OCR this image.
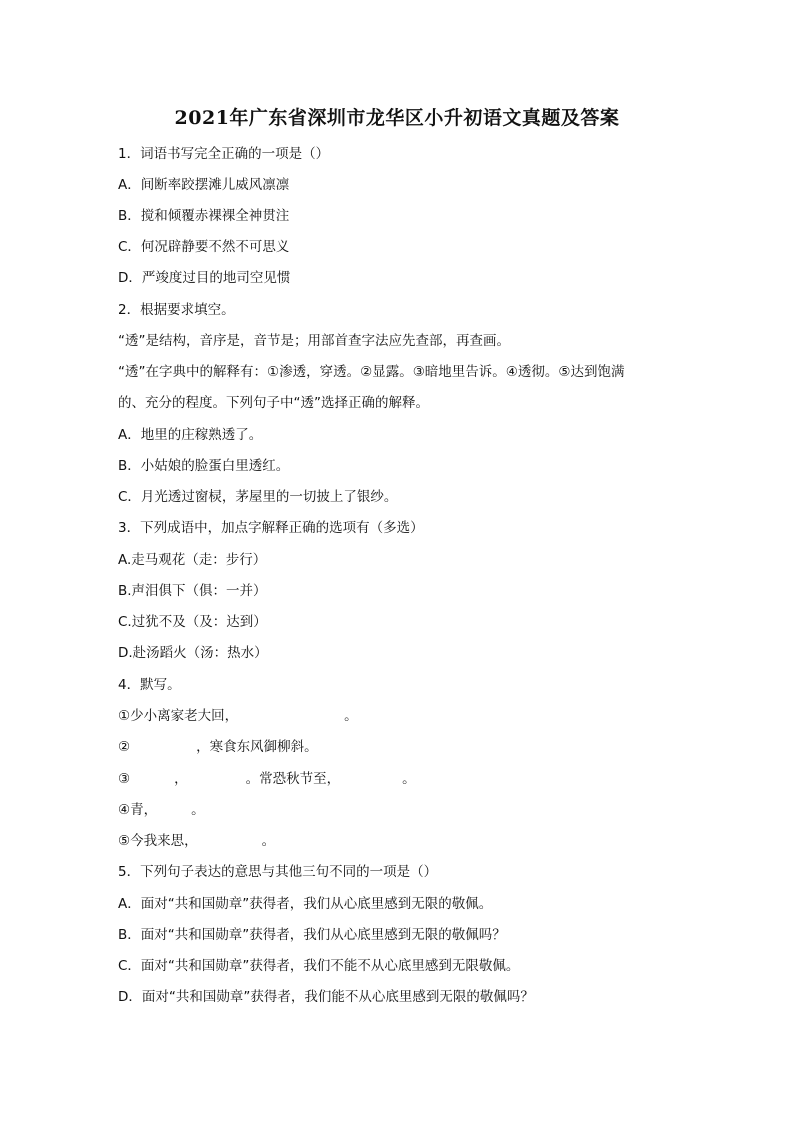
2021年广东省深圳市龙华区小升初语文真题及答案

1．词语书写完全正确的一项是（）

A．间断率跤摆滩儿威风凛凛

B．搅和倾覆赤裸裸全神贯注

C．何况辟静要不然不可思义

D．严竣度过目的地司空见惯

2．根据要求填空。

“透”是结构，音序是，音节是；用部首查字法应先查部，再查画。

“透”在字典中的解释有：①渗透，穿透。②显露。③暗地里告诉。④透彻。⑤达到饱满

的、充分的程度。下列句子中“透”选择正确的解释。

A．地里的庄稼熟透了。

B．小姑娘的脸蛋白里透红。

C．月光透过窗棂，茅屋里的一切披上了银纱。

3．下列成语中，加点字解释正确的选项有（多选）

A.走马观花（走：步行）

B.声泪俱下（俱：一并）

C.过犹不及（及：达到）

D.赴汤蹈火（汤：热水）

4．默写。

①少小离家老大回，	。

②	，寒食东风御柳斜。

③	，	。常恐秋节至，	。

④青，	。

⑤今我来思，	。

5．下列句子表达的意思与其他三句不同的一项是（）

A．面对“共和国勋章”获得者，我们从心底里感到无限的敬佩。

B．面对“共和国勋章”获得者，我们从心底里感到无限的敬佩吗？

C．面对“共和国勋章”获得者，我们不能不从心底里感到无限敬佩。

D．面对“共和国勋章”获得者，我们能不从心底里感到无限的敬佩吗？
